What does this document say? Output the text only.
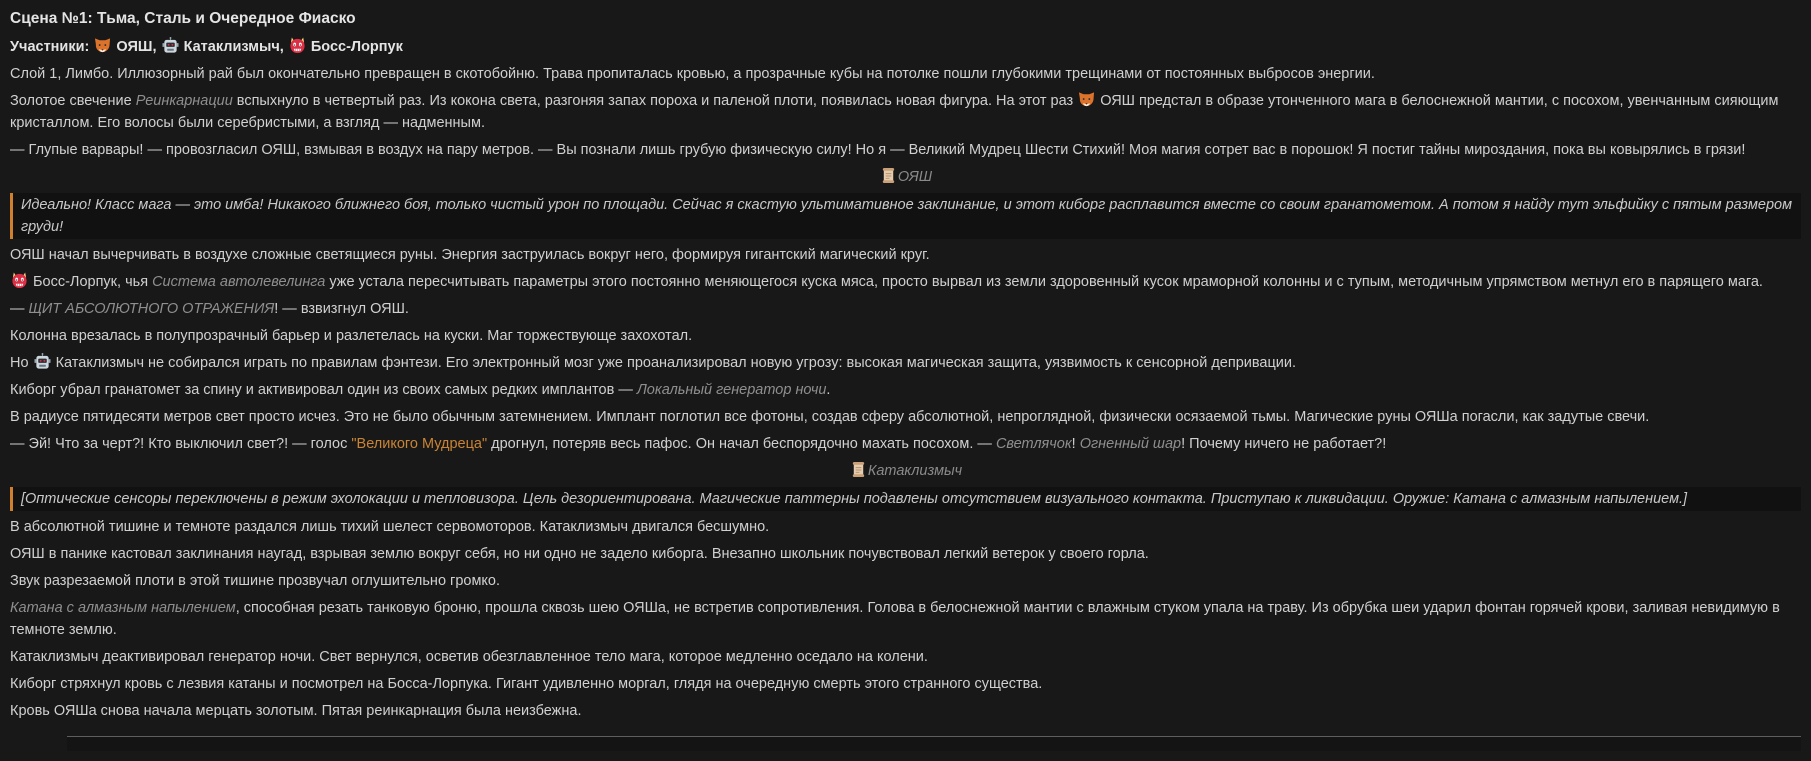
Сцена №1: Тьма, Сталь и Очередное Фиаско
Участники:
ОЯШ,
Катаклизмыч,
Босс-Лорпук
Слой 1, Лимбо. Иллюзорный рай был окончательно превращен в скотобойню. Трава пропиталась кровью, а прозрачные кубы на потолке пошли глубокими трещинами от постоянных выбросов энергии.
Золотое свечение Реинкарнации вспыхнуло в четвертый раз. Из кокона света, разгоняя запах пороха и паленой плоти, появилась новая фигура. На этот раз
ОЯШ предстал в образе утонченного мага в белоснежной мантии, с посохом, увенчанным сияющим кристаллом. Его волосы были серебристыми, а взгляд — надменным.
— Глупые варвары! — провозгласил ОЯШ, взмывая в воздух на пару метров. — Вы познали лишь грубую физическую силу! Но я — Великий Мудрец Шести Стихий! Моя магия сотрет вас в порошок! Я постиг тайны мироздания, пока вы ковырялись в грязи!
ОЯШ
Идеально! Класс мага — это имба! Никакого ближнего боя, только чистый урон по площади. Сейчас я скастую ультимативное заклинание, и этот киборг расплавится вместе со своим гранатометом. А потом я найду тут эльфийку с пятым размером груди!
ОЯШ начал вычерчивать в воздухе сложные светящиеся руны. Энергия заструилась вокруг него, формируя гигантский магический круг.
Босс-Лорпук, чья Система автолевелинга уже устала пересчитывать параметры этого постоянно меняющегося куска мяса, просто вырвал из земли здоровенный кусок мраморной колонны и с тупым, методичным упрямством метнул его в парящего мага.
— ЩИТ АБСОЛЮТНОГО ОТРАЖЕНИЯ! — взвизгнул ОЯШ.
Колонна врезалась в полупрозрачный барьер и разлетелась на куски. Маг торжествующе захохотал.
Но
Катаклизмыч не собирался играть по правилам фэнтези. Его электронный мозг уже проанализировал новую угрозу: высокая магическая защита, уязвимость к сенсорной депривации.
Киборг убрал гранатомет за спину и активировал один из своих самых редких имплантов — Локальный генератор ночи.
В радиусе пятидесяти метров свет просто исчез. Это не было обычным затемнением. Имплант поглотил все фотоны, создав сферу абсолютной, непроглядной, физически осязаемой тьмы. Магические руны ОЯШа погасли, как задутые свечи.
— Эй! Что за черт?! Кто выключил свет?! — голос "Великого Мудреца" дрогнул, потеряв весь пафос. Он начал беспорядочно махать посохом. — Светлячок! Огненный шар! Почему ничего не работает?!
Катаклизмыч
[Оптические сенсоры переключены в режим эхолокации и тепловизора. Цель дезориентирована. Магические паттерны подавлены отсутствием визуального контакта. Приступаю к ликвидации. Оружие: Катана с алмазным напылением.]
В абсолютной тишине и темноте раздался лишь тихий шелест сервомоторов. Катаклизмыч двигался бесшумно.
ОЯШ в панике кастовал заклинания наугад, взрывая землю вокруг себя, но ни одно не задело киборга. Внезапно школьник почувствовал легкий ветерок у своего горла.
Звук разрезаемой плоти в этой тишине прозвучал оглушительно громко.
Катана с алмазным напылением, способная резать танковую броню, прошла сквозь шею ОЯШа, не встретив сопротивления. Голова в белоснежной мантии с влажным стуком упала на траву. Из обрубка шеи ударил фонтан горячей крови, заливая невидимую в темноте землю.
Катаклизмыч деактивировал генератор ночи. Свет вернулся, осветив обезглавленное тело мага, которое медленно оседало на колени.
Киборг стряхнул кровь с лезвия катаны и посмотрел на Босса-Лорпука. Гигант удивленно моргал, глядя на очередную смерть этого странного существа.
Кровь ОЯШа снова начала мерцать золотым. Пятая реинкарнация была неизбежна.
